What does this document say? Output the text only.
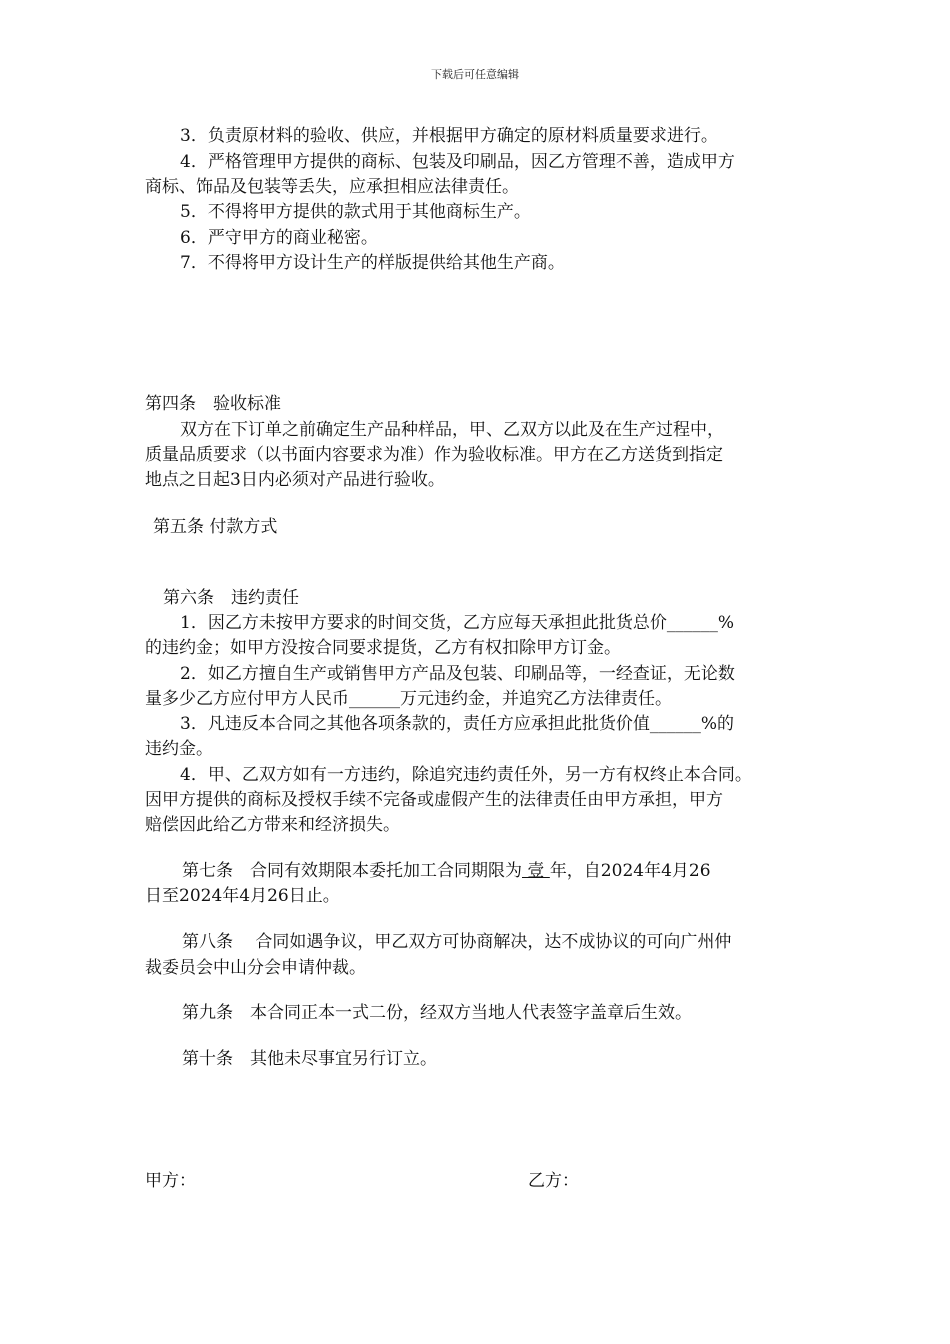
下载后可任意编辑
3．负责原材料的验收、供应，并根据甲方确定的原材料质量要求进行。
4．严格管理甲方提供的商标、包装及印刷品，因乙方管理不善，造成甲方
商标、饰品及包装等丢失，应承担相应法律责任。
5．不得将甲方提供的款式用于其他商标生产。
6．严守甲方的商业秘密。
7．不得将甲方设计生产的样版提供给其他生产商。
第四条　验收标准
双方在下订单之前确定生产品种样品，甲、乙双方以此及在生产过程中，
质量品质要求（以书面内容要求为准）作为验收标准。甲方在乙方送货到指定
地点之日起3日内必须对产品进行验收。
第五条 付款方式
第六条　违约责任
1．因乙方未按甲方要求的时间交货，乙方应每天承担此批货总价______%
的违约金；如甲方没按合同要求提货，乙方有权扣除甲方订金。
2．如乙方擅自生产或销售甲方产品及包装、印刷品等，一经查证，无论数
量多少乙方应付甲方人民币______万元违约金，并追究乙方法律责任。
3．凡违反本合同之其他各项条款的，责任方应承担此批货价值______%的
违约金。
4．甲、乙双方如有一方违约，除追究违约责任外，另一方有权终止本合同。
因甲方提供的商标及授权手续不完备或虚假产生的法律责任由甲方承担，甲方
赔偿因此给乙方带来和经济损失。
第七条　合同有效期限本委托加工合同期限为 壹 年，自2024年4月26
日至2024年4月26日止。
第八条　 合同如遇争议，甲乙双方可协商解决，达不成协议的可向广州仲
裁委员会中山分会申请仲裁。
第九条　本合同正本一式二份，经双方当地人代表签字盖章后生效。
第十条　其他未尽事宜另行订立。
甲方：	乙方：
